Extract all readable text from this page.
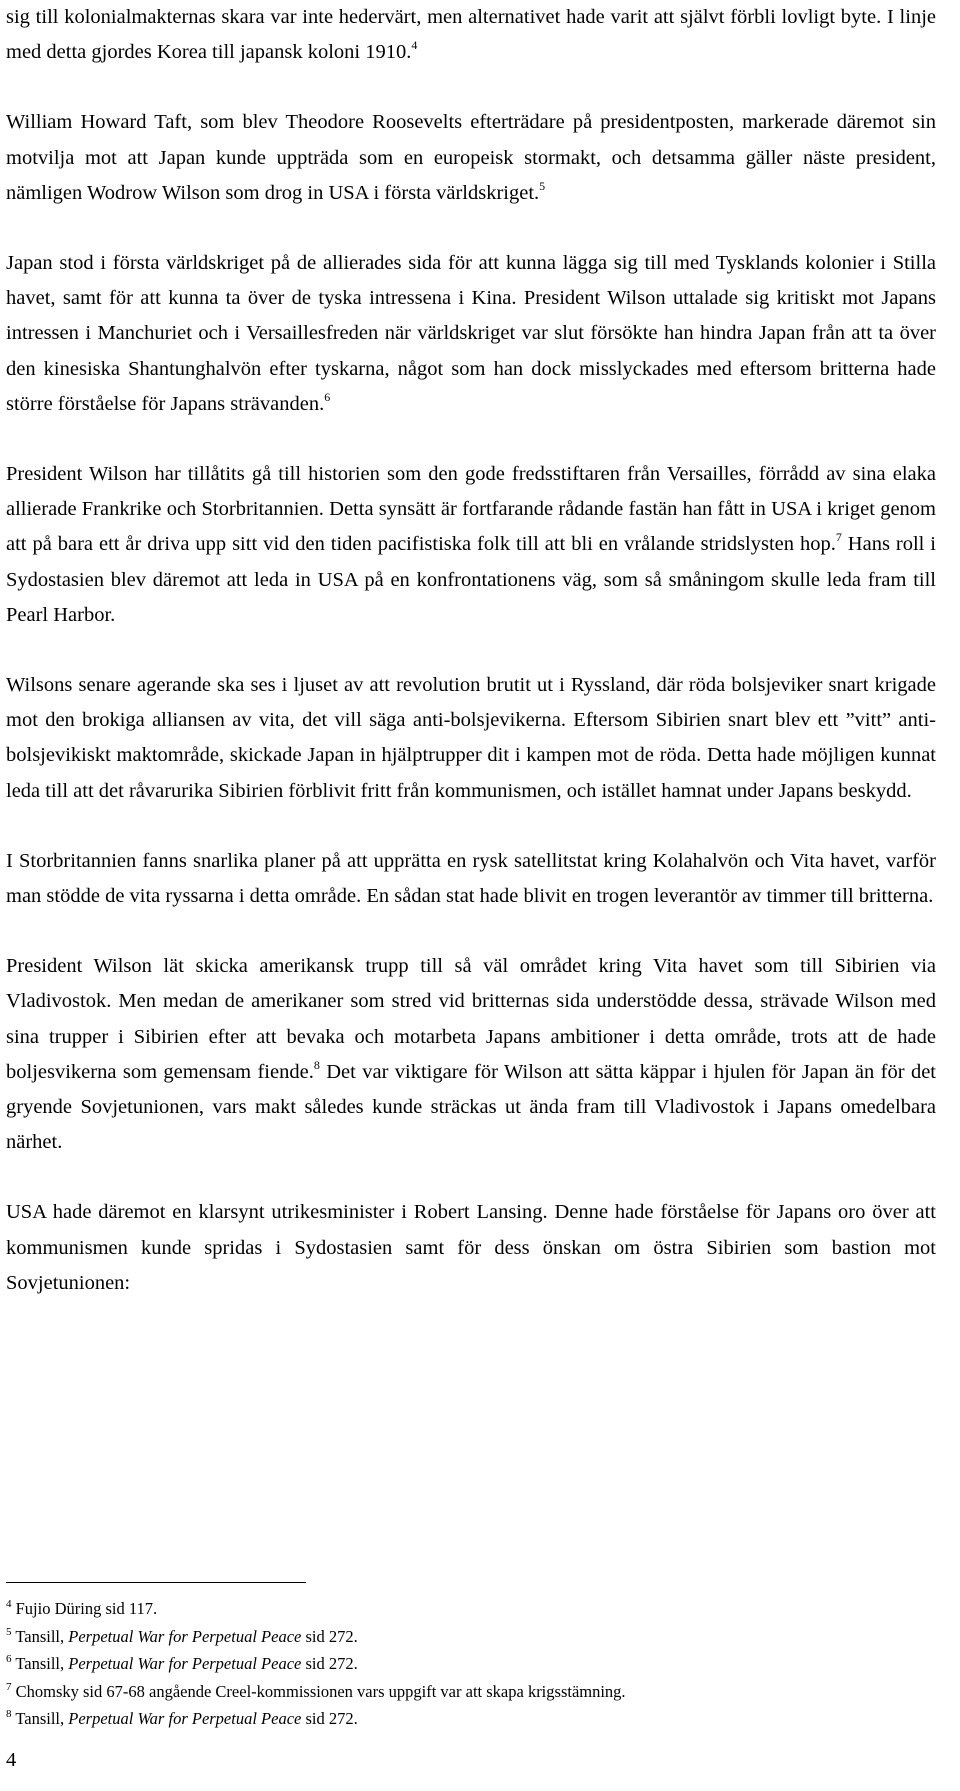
sig till kolonialmakternas skara var inte hedervärt, men alternativet hade varit att självt förbli lovligt byte. I linje med detta gjordes Korea till japansk koloni 1910.$^4$

William Howard Taft, som blev Theodore Roosevelts efterträdare på presidentposten, markerade däremot sin motvilja mot att Japan kunde uppträda som en europeisk stormakt, och detsamma gäller näste president, nämligen Wodrow Wilson som drog in USA i första världskriget.$^5$

Japan stod i första världskriget på de allierades sida för att kunna lägga sig till med Tysklands kolonier i Stilla havet, samt för att kunna ta över de tyska intressena i Kina. President Wilson uttalade sig kritiskt mot Japans intressen i Manchuriet och i Versaillesfreden när världskriget var slut försökte han hindra Japan från att ta över den kinesiska Shantunghalvön efter tyskarna, något som han dock misslyckades med eftersom britterna hade större förståelse för Japans strävanden.$^6$

President Wilson har tillåtits gå till historien som den gode fredsstiftaren från Versailles, förrådd av sina elaka allierade Frankrike och Storbritannien. Detta synsätt är fortfarande rådande fastän han fått in USA i kriget genom att på bara ett år driva upp sitt vid den tiden pacifistiska folk till att bli en vrålande stridslysten hop.$^7$ Hans roll i Sydostasien blev däremot att leda in USA på en konfrontationens väg, som så småningom skulle leda fram till Pearl Harbor.

Wilsons senare agerande ska ses i ljuset av att revolution brutit ut i Ryssland, där röda bolsjeviker snart krigade mot den brokiga alliansen av vita, det vill säga anti-bolsjevikerna. Eftersom Sibirien snart blev ett ”vitt” anti-bolsjevikiskt maktområde, skickade Japan in hjälptrupper dit i kampen mot de röda. Detta hade möjligen kunnat leda till att det råvarurika Sibirien förblivit fritt från kommunismen, och istället hamnat under Japans beskydd.

I Storbritannien fanns snarlika planer på att upprätta en rysk satellitstat kring Kolahalvön och Vita havet, varför man stödde de vita ryssarna i detta område. En sådan stat hade blivit en trogen leverantör av timmer till britterna.

President Wilson lät skicka amerikansk trupp till så väl området kring Vita havet som till Sibirien via Vladivostok. Men medan de amerikaner som stred vid britternas sida understödde dessa, strävade Wilson med sina trupper i Sibirien efter att bevaka och motarbeta Japans ambitioner i detta område, trots att de hade boljesvikerna som gemensam fiende.$^8$ Det var viktigare för Wilson att sätta käppar i hjulen för Japan än för det gryende Sovjetunionen, vars makt således kunde sträckas ut ända fram till Vladivostok i Japans omedelbara närhet.

USA hade däremot en klarsynt utrikesminister i Robert Lansing. Denne hade förståelse för Japans oro över att kommunismen kunde spridas i Sydostasien samt för dess önskan om östra Sibirien som bastion mot Sovjetunionen:

$^4$ Fujio Düring sid 117.

$^5$ Tansill, Perpetual War for Perpetual Peace sid 272.

$^6$ Tansill, Perpetual War for Perpetual Peace sid 272.

$^7$ Chomsky sid 67-68 angående Creel-kommissionen vars uppgift var att skapa krigsstämning.

$^8$ Tansill, Perpetual War for Perpetual Peace sid 272.

4
